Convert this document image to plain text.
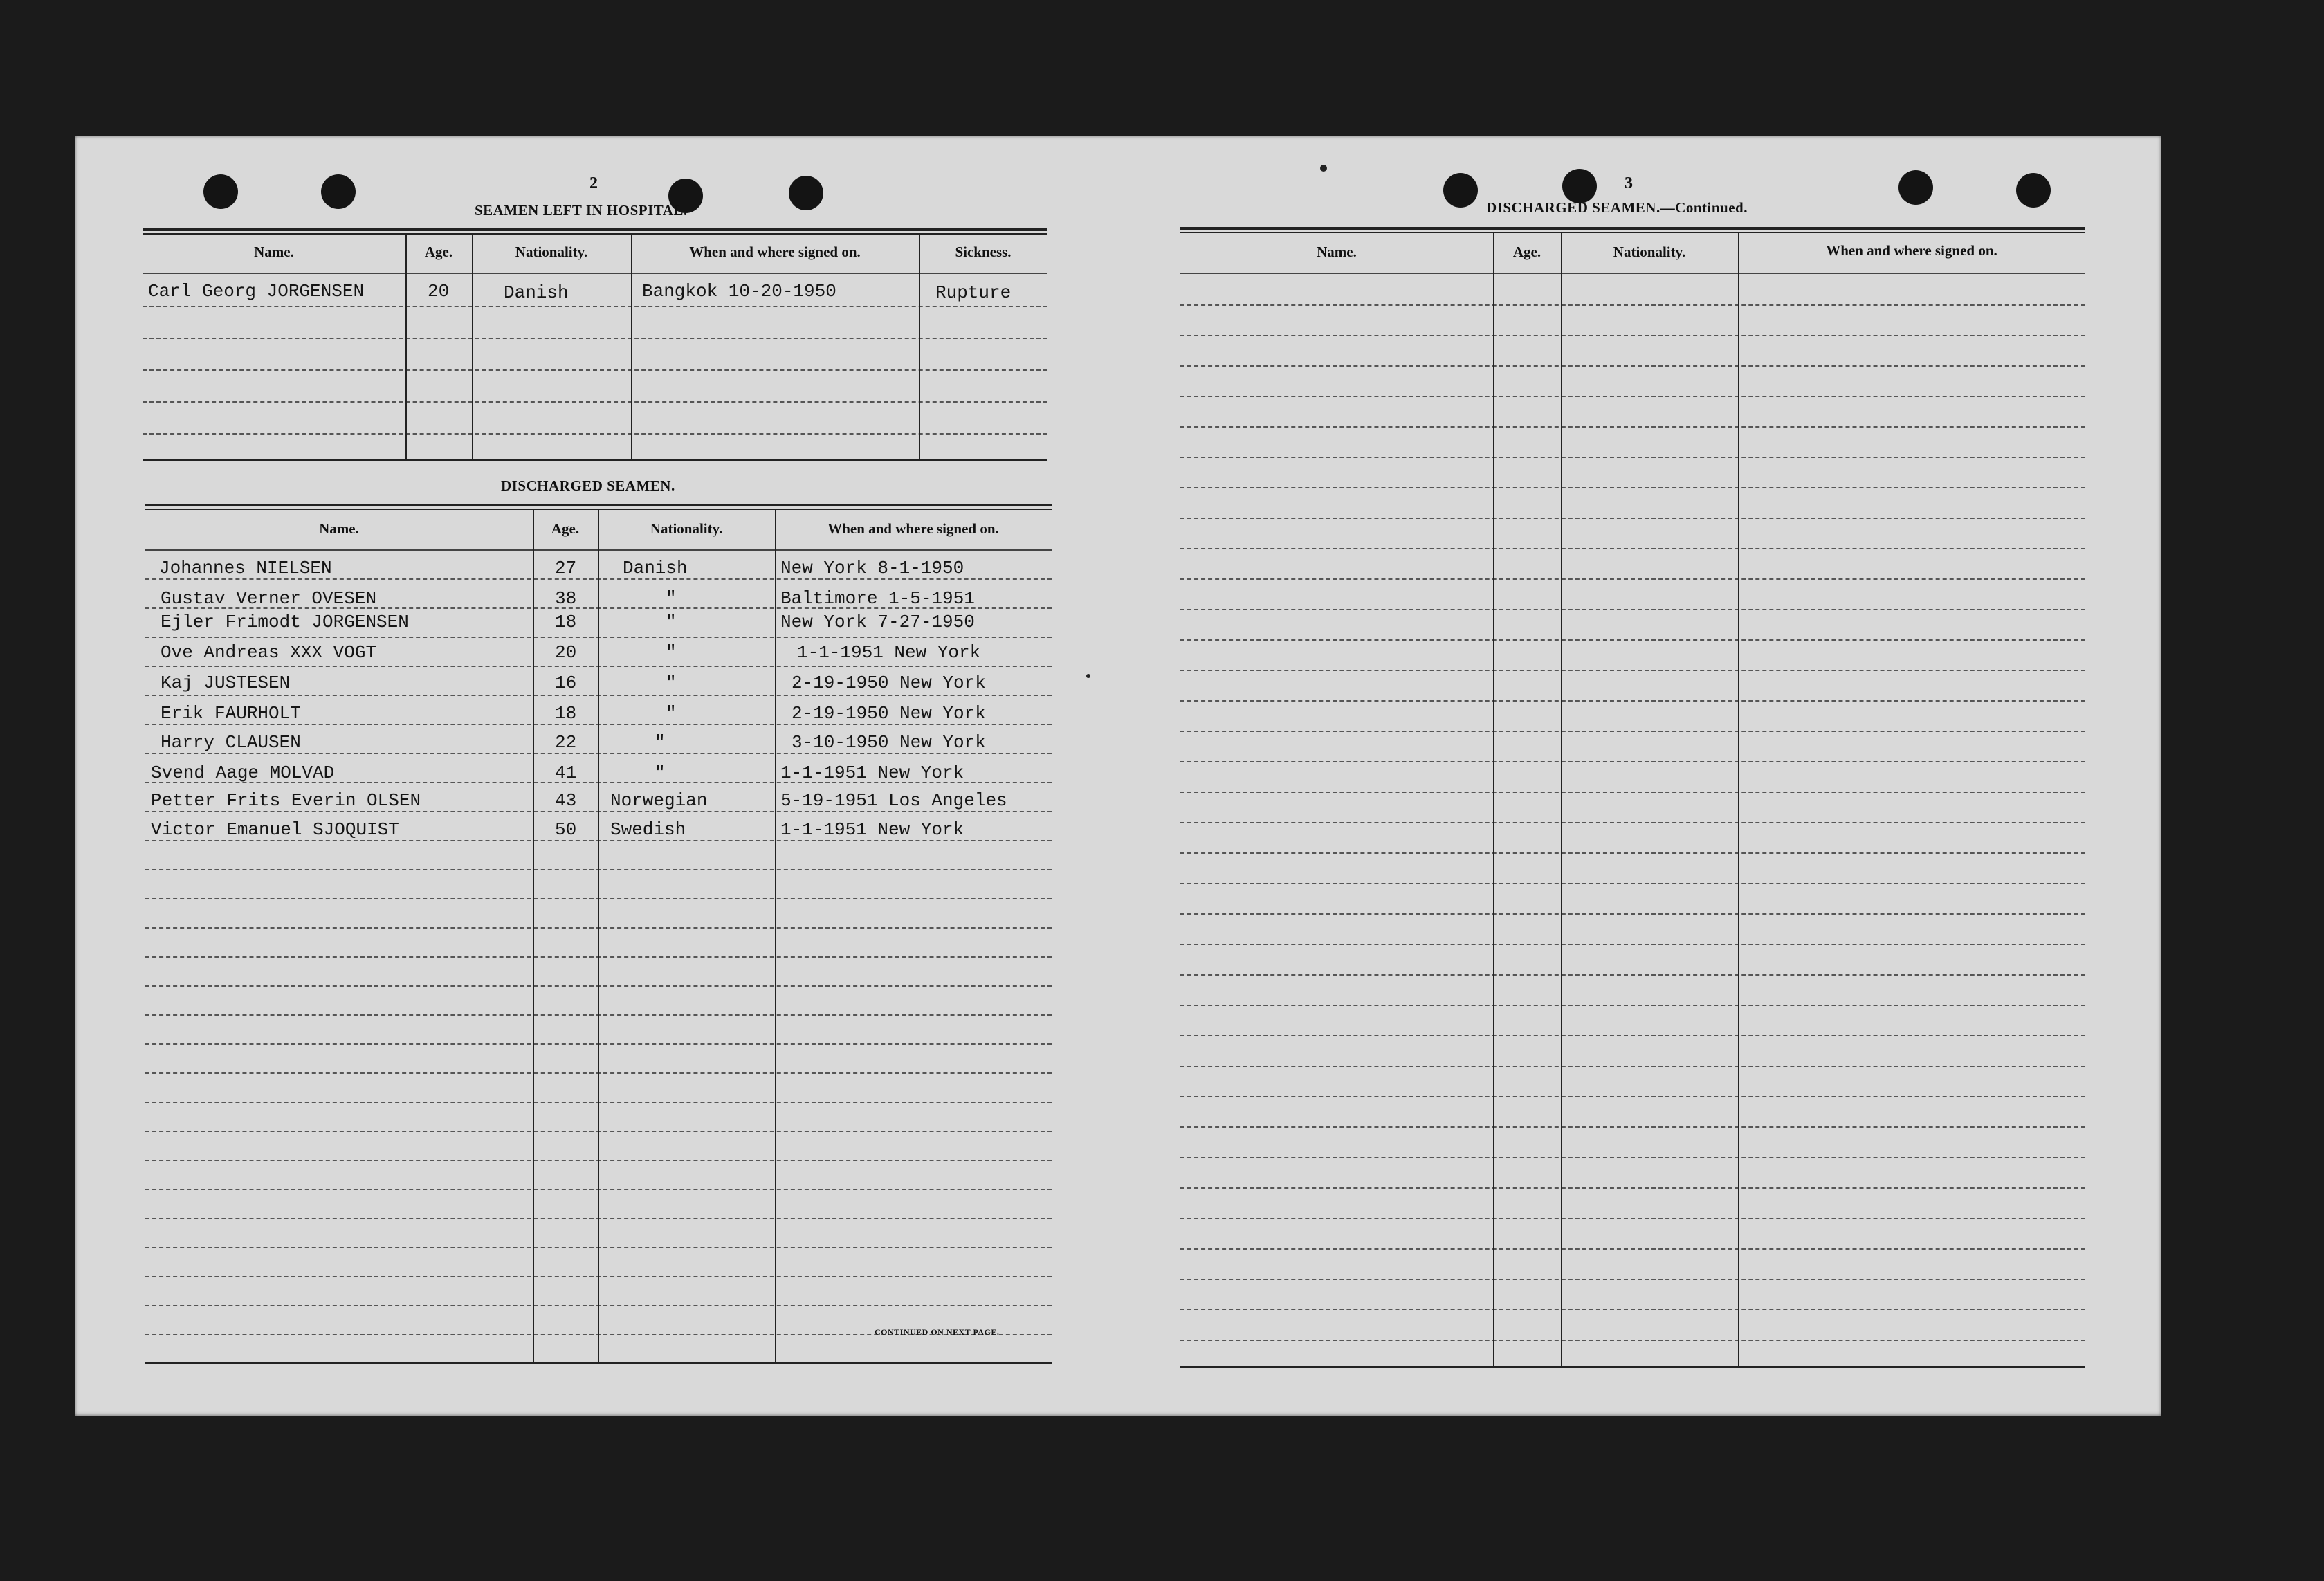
2
SEAMEN LEFT IN HOSPITAL.
Name.	Age.	Nationality.	When and where signed on.	Sickness.
Carl Georg JORGENSEN	20	Danish	Bangkok 10-20-1950	Rupture
DISCHARGED SEAMEN.
Name.	Age.	Nationality.	When and where signed on.
Johannes NIELSEN	27	Danish	New York 8-1-1950
Gustav Verner OVESEN	38	"	Baltimore 1-5-1951
Ejler Frimodt JORGENSEN	18	"	New York 7-27-1950
Ove Andreas XXX VOGT	20	"	1-1-1951 New York
Kaj JUSTESEN	16	"	2-19-1950 New York
Erik FAURHOLT	18	"	2-19-1950 New York
Harry CLAUSEN	22	"	3-10-1950 New York
Svend Aage MOLVAD	41	"	1-1-1951 New York
Petter Frits Everin OLSEN	43 Norwegian	5-19-1951 Los Angeles
Victor Emanuel SJOQUIST	50 Swedish	1-1-1951 New York
CONTINUED ON NEXT PAGE.
3
DISCHARGED SEAMEN.—Continued.
Name.	Age.	Nationality.	When and where signed on.
